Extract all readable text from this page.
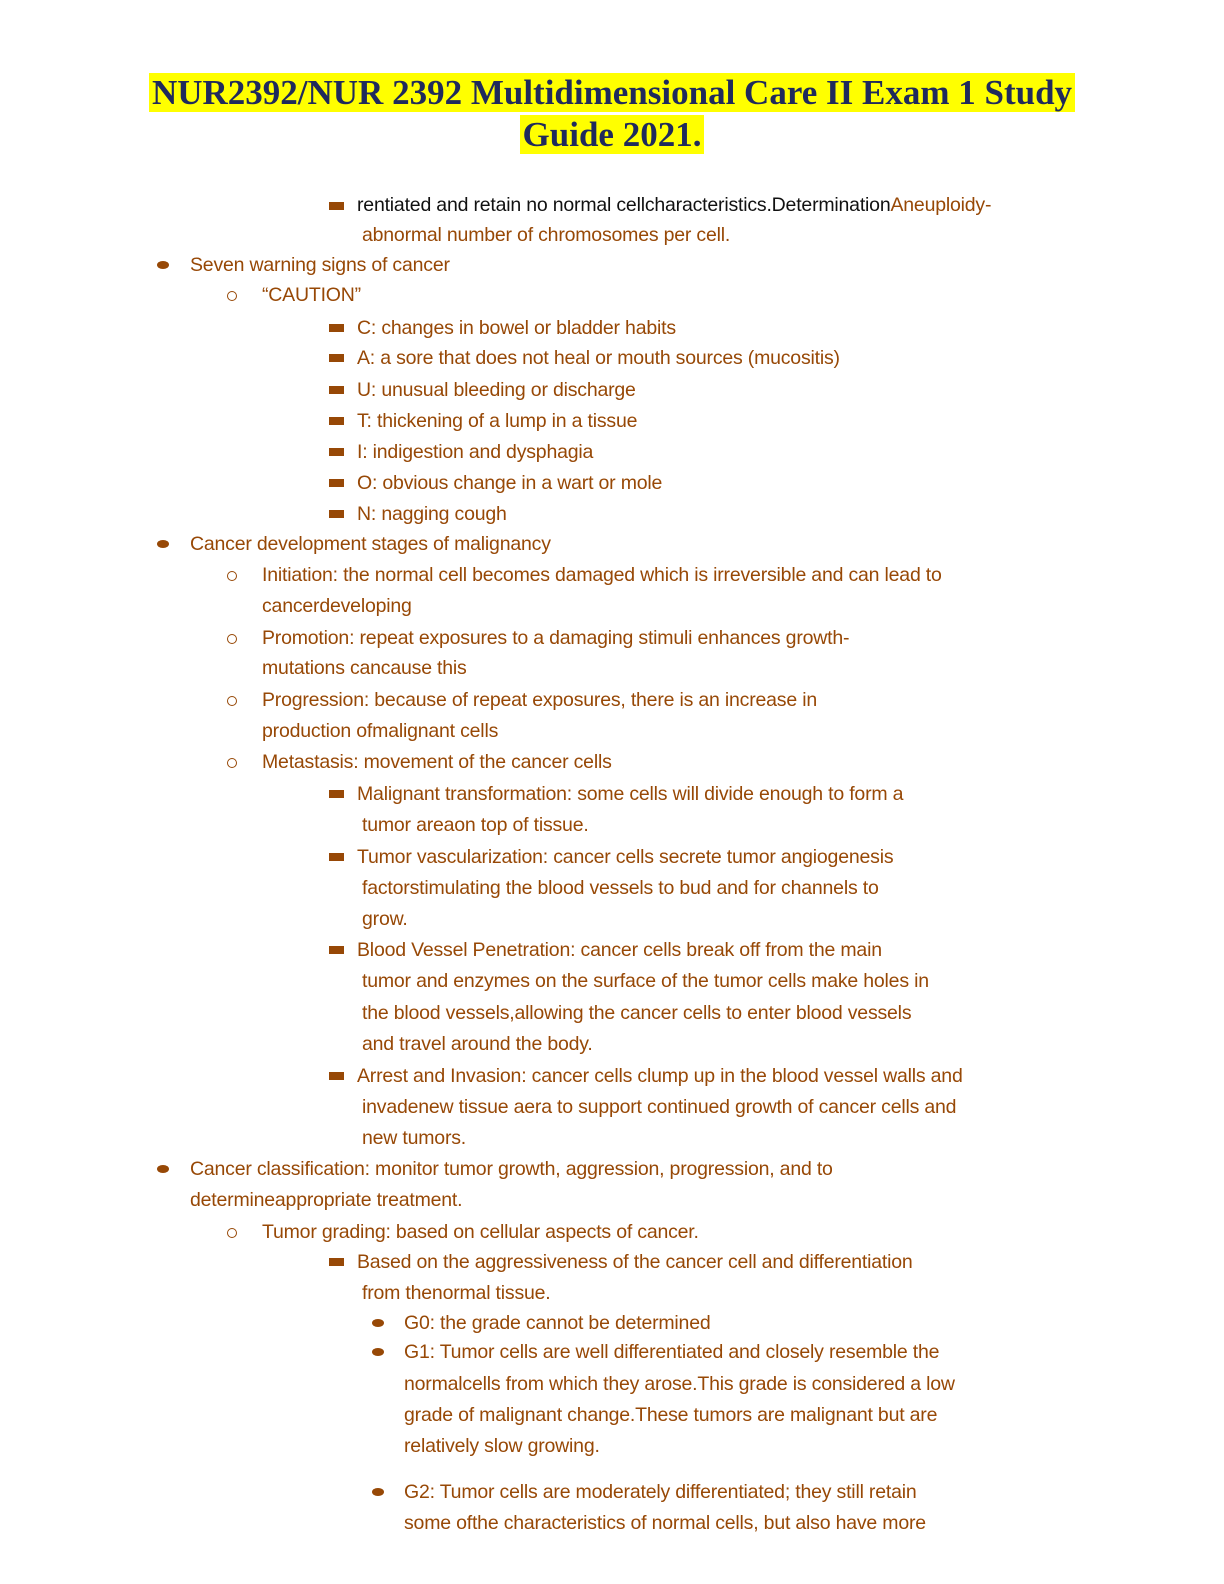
NUR2392/NUR 2392 Multidimensional Care II Exam 1 Study
Guide 2021.
rentiated and retain no normal cellcharacteristics.DeterminationAneuploidy-
abnormal number of chromosomes per cell.
Seven warning signs of cancer
“CAUTION”
C: changes in bowel or bladder habits
A: a sore that does not heal or mouth sources (mucositis)
U: unusual bleeding or discharge
T: thickening of a lump in a tissue
I: indigestion and dysphagia
O: obvious change in a wart or mole
N: nagging cough
Cancer development stages of malignancy
Initiation: the normal cell becomes damaged which is irreversible and can lead to
cancerdeveloping
Promotion: repeat exposures to a damaging stimuli enhances growth-
mutations cancause this
Progression: because of repeat exposures, there is an increase in
production ofmalignant cells
Metastasis: movement of the cancer cells
Malignant transformation: some cells will divide enough to form a
tumor areaon top of tissue.
Tumor vascularization: cancer cells secrete tumor angiogenesis
factorstimulating the blood vessels to bud and for channels to
grow.
Blood Vessel Penetration: cancer cells break off from the main
tumor and enzymes on the surface of the tumor cells make holes in
the blood vessels,allowing the cancer cells to enter blood vessels
and travel around the body.
Arrest and Invasion: cancer cells clump up in the blood vessel walls and
invadenew tissue aera to support continued growth of cancer cells and
new tumors.
Cancer classification: monitor tumor growth, aggression, progression, and to
determineappropriate treatment.
Tumor grading: based on cellular aspects of cancer.
Based on the aggressiveness of the cancer cell and differentiation
from thenormal tissue.
G0: the grade cannot be determined
G1: Tumor cells are well differentiated and closely resemble the
normalcells from which they arose.This grade is considered a low
grade of malignant change.These tumors are malignant but are
relatively slow growing.
G2: Tumor cells are moderately differentiated; they still retain
some ofthe characteristics of normal cells, but also have more
